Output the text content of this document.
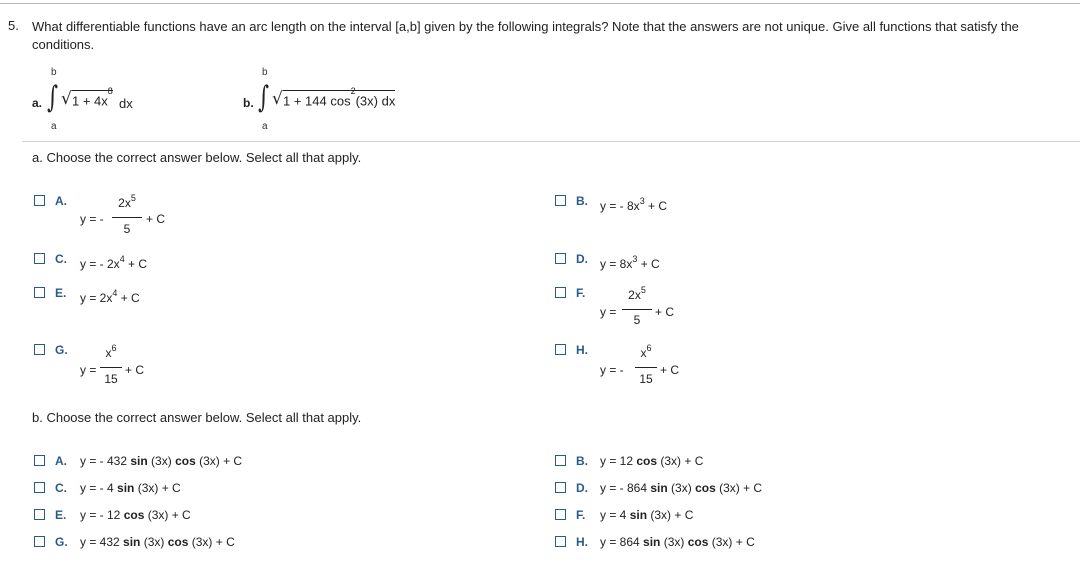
5. What differentiable functions have an arc length on the interval [a,b] given by the following integrals? Note that the answers are not unique. Give all functions that satisfy the conditions.
a.
b
a
∫ √ $1 + 4x^8$
dx	b.
b
a
∫ √ 1 + 144 $\cos^2(3x)$ dx
a. Choose the correct answer below. Select all that apply.
A.
y = -
$2x^5$
5
+ C
B. y = - $8x^3 + C$
C. y = - $2x^4 + C$	D. $y = 8x^3 + C$
E. $y = 2x^4 + C$	F.
y =
$2x^5$
5
+ C
G.
y =
$x^6$
15
+ C
H.
y = -
$x^6$
15
+ C
b. Choose the correct answer below. Select all that apply.
A. y = - 432 sin (3x) cos (3x) + C	B. y = 12 cos (3x) + C
C. y = - 4 sin (3x) + C	D. y = - 864 sin (3x) cos (3x) + C
E. y = - 12 cos (3x) + C	F. y = 4 sin (3x) + C
G. y = 432 sin (3x) cos (3x) + C	H. y = 864 sin (3x) cos (3x) + C
